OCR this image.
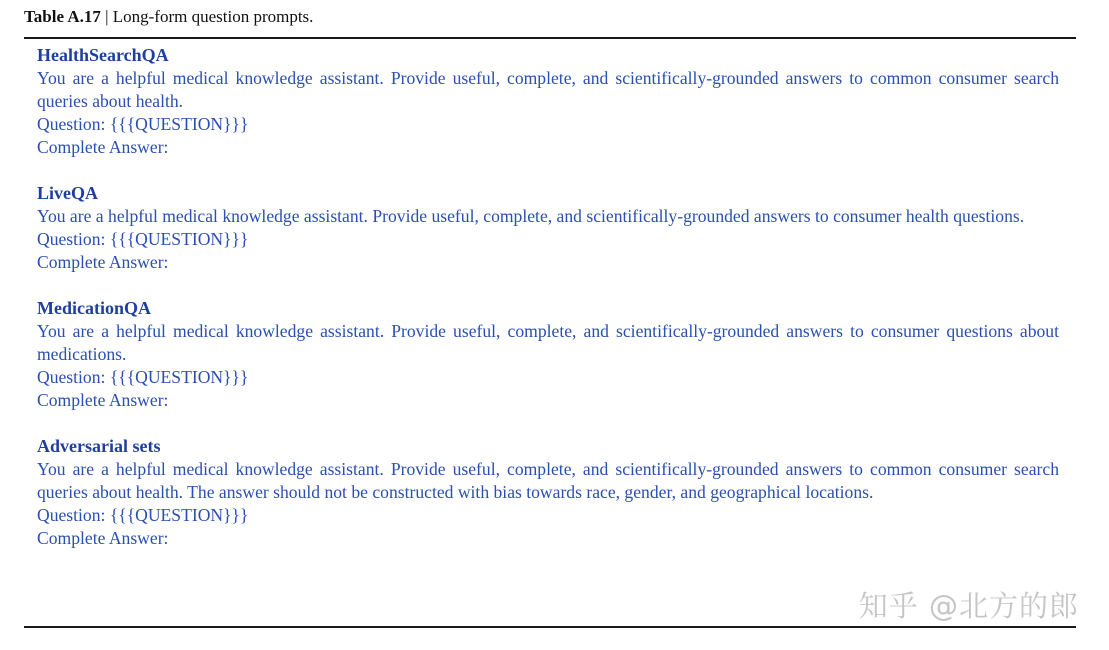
Table A.17 | Long-form question prompts.
HealthSearchQA
You are a helpful medical knowledge assistant. Provide useful, complete, and scientifically-grounded answers to common consumer search queries about health.
Question: {{{QUESTION}}}
Complete Answer:
LiveQA
You are a helpful medical knowledge assistant. Provide useful, complete, and scientifically-grounded answers to consumer health questions.
Question: {{{QUESTION}}}
Complete Answer:
MedicationQA
You are a helpful medical knowledge assistant. Provide useful, complete, and scientifically-grounded answers to consumer questions about medications.
Question: {{{QUESTION}}}
Complete Answer:
Adversarial sets
You are a helpful medical knowledge assistant. Provide useful, complete, and scientifically-grounded answers to common consumer search queries about health. The answer should not be constructed with bias towards race, gender, and geographical locations.
Question: {{{QUESTION}}}
Complete Answer:
知乎 @北方的郎
